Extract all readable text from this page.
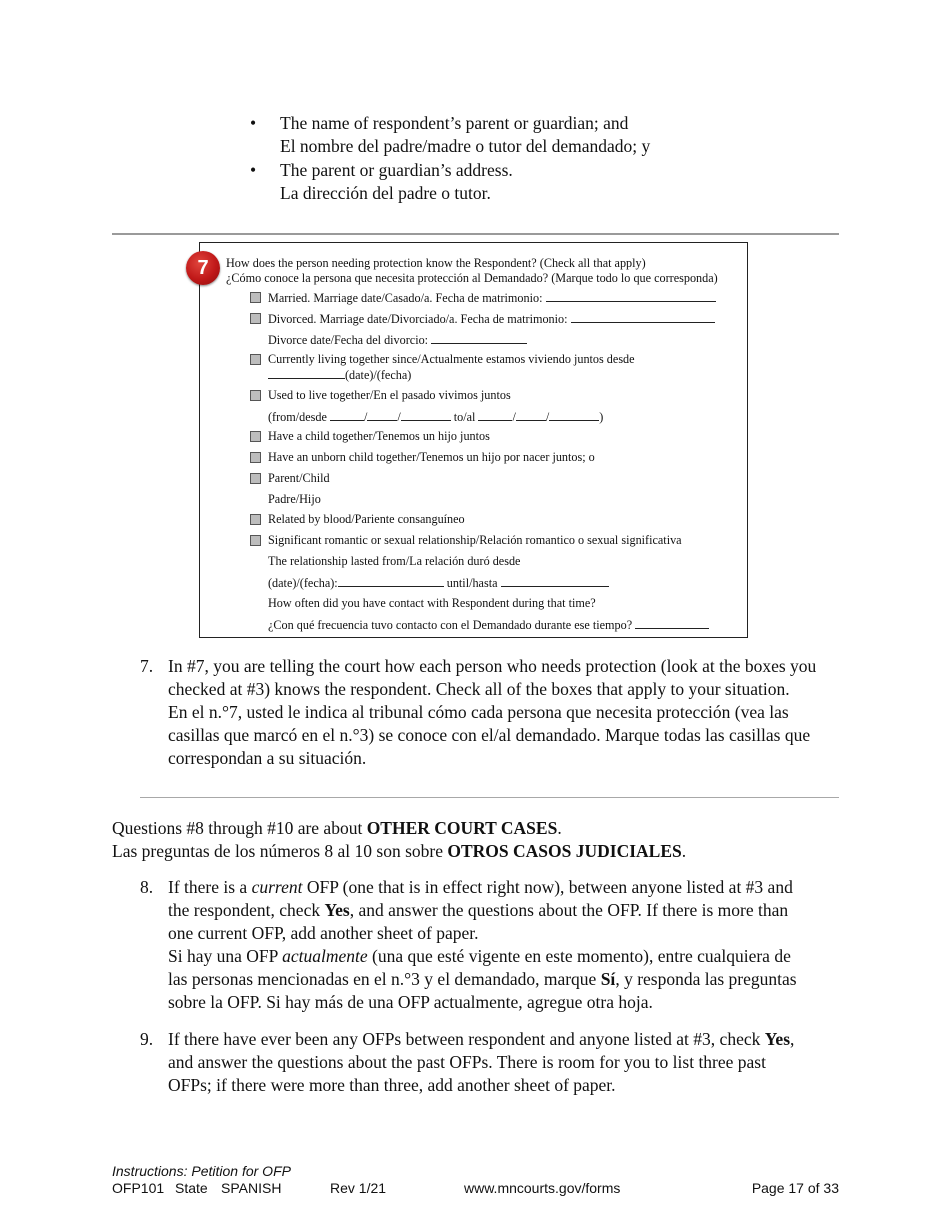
• The name of respondent’s parent or guardian; and
El nombre del padre/madre o tutor del demandado; y
• The parent or guardian’s address.
La dirección del padre o tutor.
7	How does the person needing protection know the Respondent? (Check all that apply)
¿Cómo conoce la persona que necesita protección al Demandado? (Marque todo lo que corresponda)
Married. Marriage date/Casado/a. Fecha de matrimonio:
Divorced. Marriage date/Divorciado/a. Fecha de matrimonio:
Divorce date/Fecha del divorcio:
Currently living together since/Actualmente estamos viviendo juntos desde
(date)/(fecha)
Used to live together/En el pasado vivimos juntos
(from/desde	/ /	to/al	/ /	)
Have a child together/Tenemos un hijo juntos
Have an unborn child together/Tenemos un hijo por nacer juntos; o
Parent/Child
Padre/Hijo
Related by blood/Pariente consanguíneo
Significant romantic or sexual relationship/Relación romantico o sexual significativa
The relationship lasted from/La relación duró desde
(date)/(fecha):	until/hasta
How often did you have contact with Respondent during that time?
¿Con qué frecuencia tuvo contacto con el Demandado durante ese tiempo?
7. In #7, you are telling the court how each person who needs protection (look at the boxes you
checked at #3) knows the respondent. Check all of the boxes that apply to your situation.
En el n.°7, usted le indica al tribunal cómo cada persona que necesita protección (vea las
casillas que marcó en el n.°3) se conoce con el/al demandado. Marque todas las casillas que
correspondan a su situación.
Questions #8 through #10 are about OTHER COURT CASES.
Las preguntas de los números 8 al 10 son sobre OTROS CASOS JUDICIALES.
8. If there is a current OFP (one that is in effect right now), between anyone listed at #3 and
the respondent, check Yes, and answer the questions about the OFP. If there is more than
one current OFP, add another sheet of paper.
Si hay una OFP actualmente (una que esté vigente en este momento), entre cualquiera de
las personas mencionadas en el n.°3 y el demandado, marque Sí, y responda las preguntas
sobre la OFP. Si hay más de una OFP actualmente, agregue otra hoja.
9. If there have ever been any OFPs between respondent and anyone listed at #3, check Yes,
and answer the questions about the past OFPs. There is room for you to list three past
OFPs; if there were more than three, add another sheet of paper.
Instructions: Petition for OFP
OFP101 State SPANISH	Rev 1/21	www.mncourts.gov/forms	Page 17 of 33
